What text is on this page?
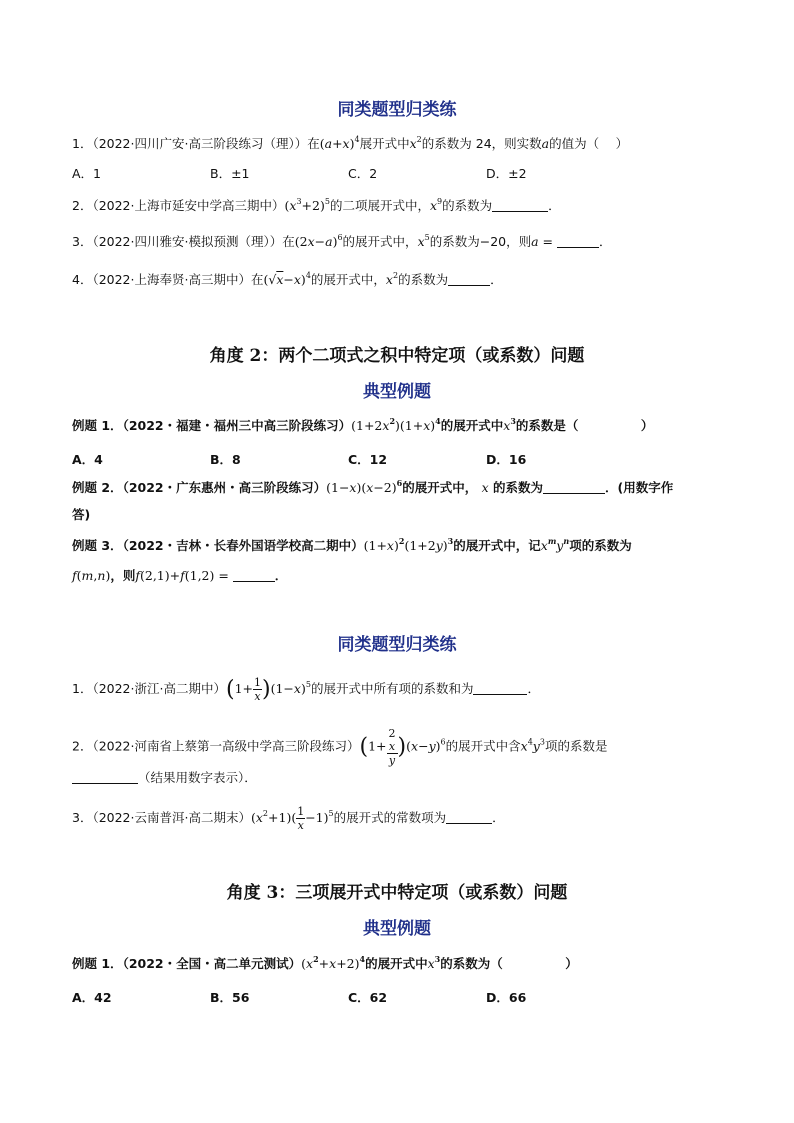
同类题型归类练
1．（2022·四川广安·高三阶段练习（理））在$(a+x)^4$展开式中$x^2$的系数为 24，则实数a的值为（　 ）
A．1	B．±1	C．2	D．±2
2．（2022·上海市延安中学高三期中）$(x^3+2)^5$的二项展开式中，$x^9$的系数为	．
3．（2022·四川雅安·模拟预测（理））在$(2x-a)^6$的展开式中，$x^5$的系数为−20，则a =	．
4．（2022·上海奉贤·高三期中）在$(√x-x)^4$的展开式中，$x^2$的系数为	．
角度 2：两个二项式之积中特定项（或系数）问题
典型例题
例题 1．（2022・福建・福州三中高三阶段练习）$(1+2x^2)(1+x)^4$的展开式中$x^3$的系数是（　　　　　）
A．4	B．8	C．12	D．16
例题 2．（2022・广东惠州・高三阶段练习）$(1-x)(x-2)^6$的展开式中， x 的系数为	．(用数字作
答)
例题 3．（2022・吉林・长春外国语学校高二期中）$(1+x)^2(1+2y)^3$的展开式中，记$x^my^n$项的系数为
f(m,n)，则f(2,1)+f(1,2) =	．
同类题型归类练
1．（2022·浙江·高二期中）$(1+ \frac{1}{x} )(1-x)^5$的展开式中所有项的系数和为	．
2．（2022·河南省上蔡第一高级中学高三阶段练习）(1+ 2
x
y )$(x-y)^6$的展开式中含$x^4y^3$项的系数是
（结果用数字表示）．
3．（2022·云南普洱·高二期末）$(x^2+1)( \frac{1}{x} -1)^5$的展开式的常数项为	．
角度 3：三项展开式中特定项（或系数）问题
典型例题
例题 1．（2022・全国・高二单元测试）$(x^2+x+2)^4$的展开式中$x^3$的系数为（　　　　　）
A．42	B．56	C．62	D．66
